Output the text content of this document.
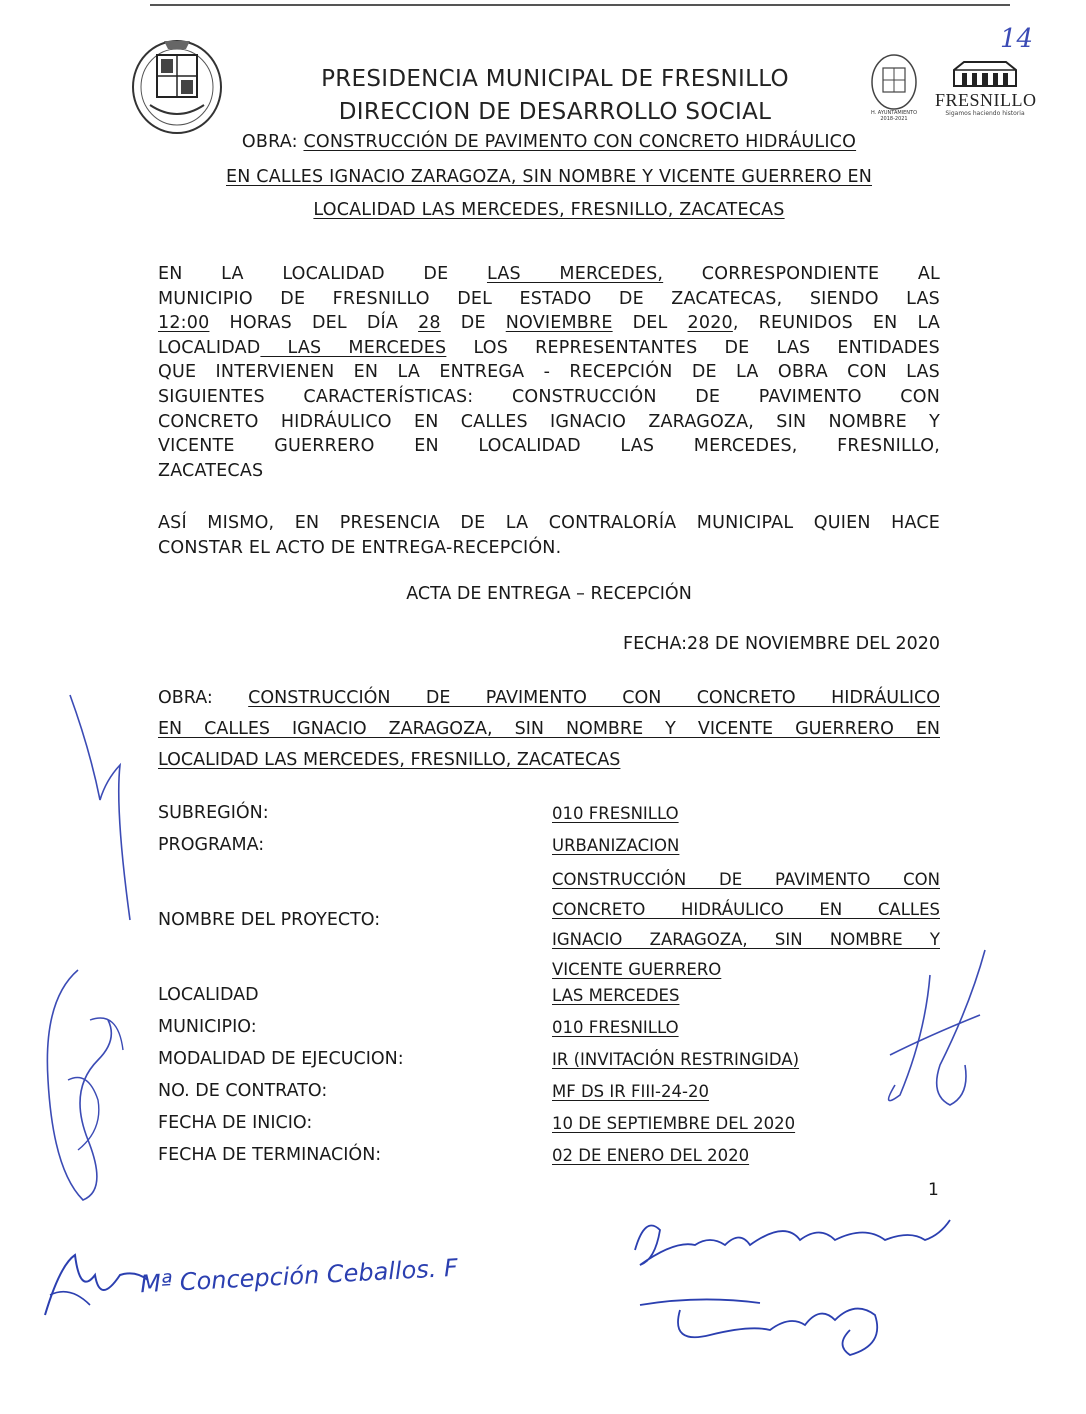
14
H. AYUNTAMIENTO 2018-2021
FRESNILLO
Sigamos haciendo historia
PRESIDENCIA MUNICIPAL DE FRESNILLO
DIRECCION DE DESARROLLO SOCIAL
OBRA: CONSTRUCCIÓN DE PAVIMENTO CON CONCRETO HIDRÁULICO
EN CALLES IGNACIO ZARAGOZA, SIN NOMBRE Y VICENTE GUERRERO EN
LOCALIDAD LAS MERCEDES, FRESNILLO, ZACATECAS
EN LA LOCALIDAD DE LAS MERCEDES, CORRESPONDIENTE AL
MUNICIPIO DE FRESNILLO DEL ESTADO DE ZACATECAS, SIENDO LAS
12:00 HORAS DEL DÍA 28 DE NOVIEMBRE DEL 2020, REUNIDOS EN LA
LOCALIDAD LAS MERCEDES LOS REPRESENTANTES DE LAS ENTIDADES
QUE INTERVIENEN EN LA ENTREGA - RECEPCIÓN DE LA OBRA CON LAS
SIGUIENTES CARACTERÍSTICAS: CONSTRUCCIÓN DE PAVIMENTO CON
CONCRETO HIDRÁULICO EN CALLES IGNACIO ZARAGOZA, SIN NOMBRE Y
VICENTE GUERRERO EN LOCALIDAD LAS MERCEDES, FRESNILLO,
ZACATECAS
ASÍ MISMO, EN PRESENCIA DE LA CONTRALORÍA MUNICIPAL QUIEN HACE
CONSTAR EL ACTO DE ENTREGA-RECEPCIÓN.
ACTA DE ENTREGA – RECEPCIÓN
FECHA:28 DE NOVIEMBRE DEL 2020
OBRA: CONSTRUCCIÓN DE PAVIMENTO CON CONCRETO HIDRÁULICO
EN CALLES IGNACIO ZARAGOZA, SIN NOMBRE Y VICENTE GUERRERO EN
LOCALIDAD LAS MERCEDES, FRESNILLO, ZACATECAS
SUBREGIÓN:	010 FRESNILLO
PROGRAMA:	URBANIZACION
NOMBRE DEL PROYECTO:
CONSTRUCCIÓN DE PAVIMENTO CON
CONCRETO HIDRÁULICO EN CALLES
IGNACIO ZARAGOZA, SIN NOMBRE Y
VICENTE GUERRERO
LOCALIDAD	LAS MERCEDES
MUNICIPIO:	010 FRESNILLO
MODALIDAD DE EJECUCION:	IR (INVITACIÓN RESTRINGIDA)
NO. DE CONTRATO:	MF DS IR FIII-24-20
FECHA DE INICIO:	10 DE SEPTIEMBRE DEL 2020
FECHA DE TERMINACIÓN:	02 DE ENERO DEL 2020
1
Mª Concepción Ceballos. F
